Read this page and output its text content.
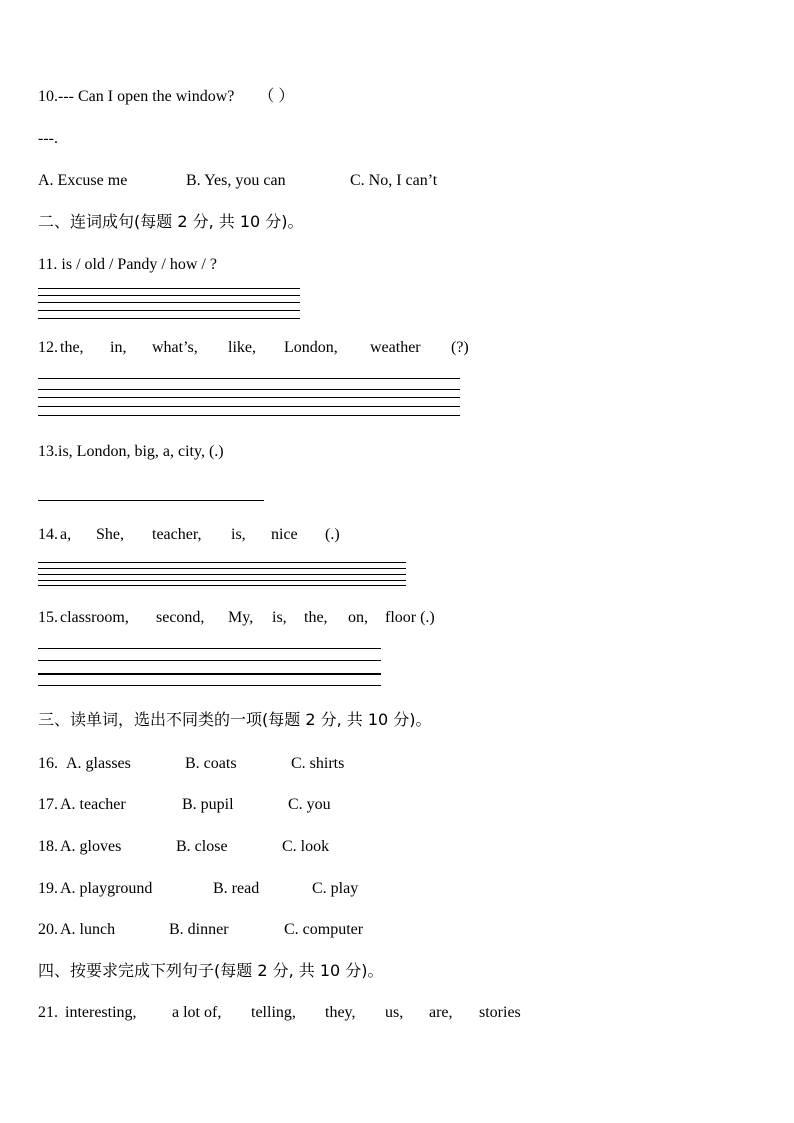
10.--- Can I open the window? （ ）
---.
A. Excuse me	B. Yes, you can	C. No, I can’t
二、连词成句(每题 2 分, 共 10 分)。
11. is / old / Pandy / how / ?
12. the, in, what’s, like, London, weather (?)
13.is, London, big, a, city, (.)
14. a, She, teacher, is, nice (.)
15. classroom, second, My, is, the, on, floor (.)
三、读单词，选出不同类的一项(每题 2 分, 共 10 分)。
16. A. glasses	B. coats	C. shirts
17. A. teacher	B. pupil	C. you
18. A. gloves	B. close	C. look
19. A. playground	B. read	C. play
20. A. lunch	B. dinner	C. computer
四、按要求完成下列句子(每题 2 分, 共 10 分)。
21. interesting, a lot of, telling, they, us, are, stories
